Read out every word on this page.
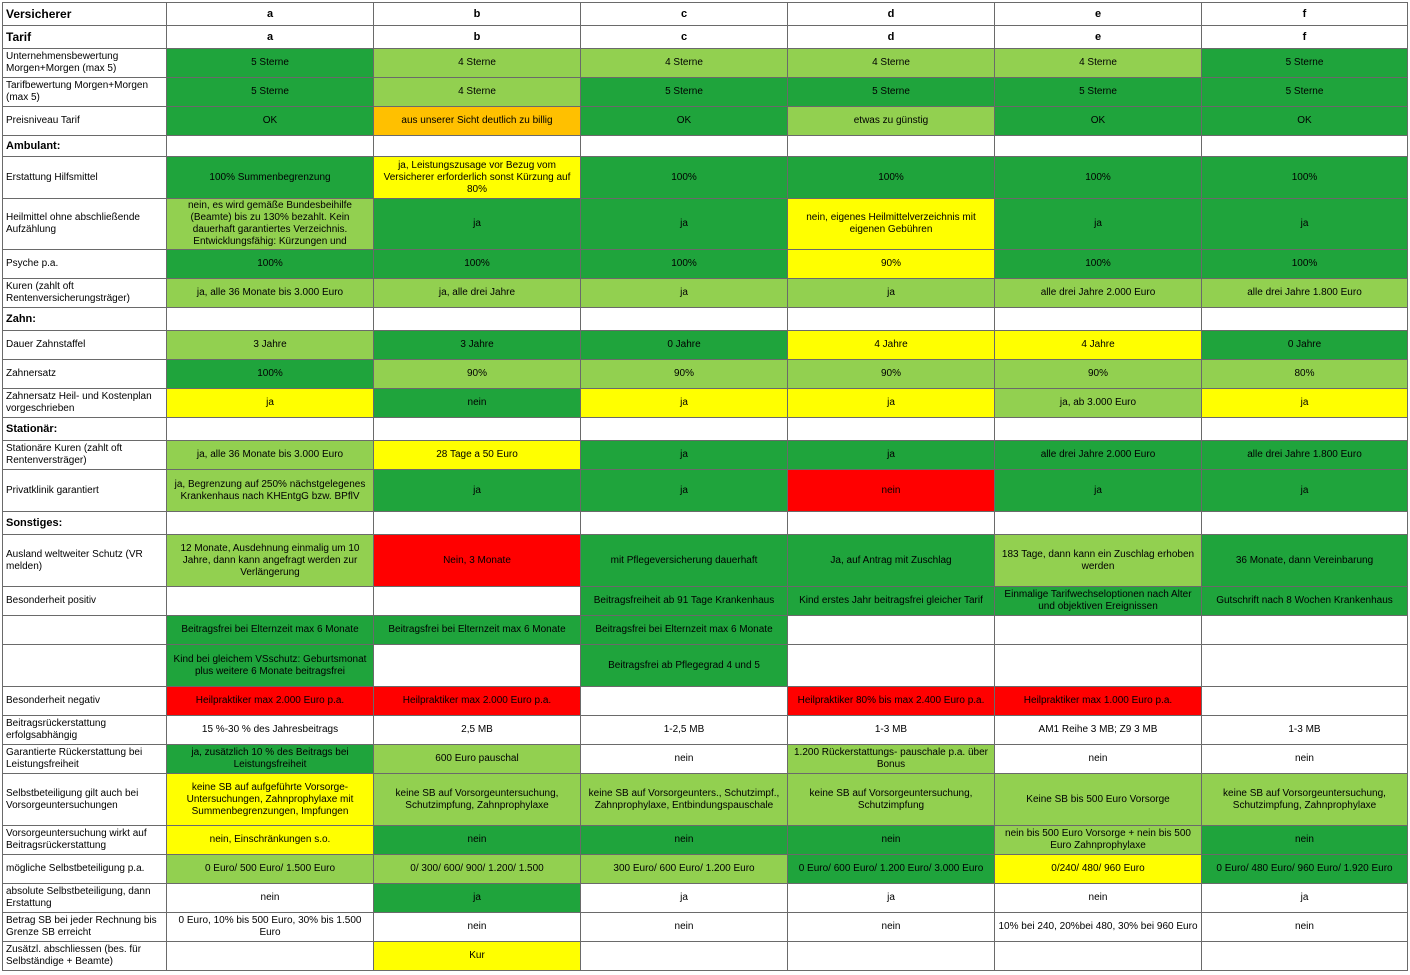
Versicherer	a	b	c	d	e	f
Tarif	a	b	c	d	e	f
Unternehmensbewertung Morgen+Morgen (max 5)	5 Sterne	4 Sterne	4 Sterne	4 Sterne	4 Sterne	5 Sterne
Tarifbewertung Morgen+Morgen (max 5)	5 Sterne	4 Sterne	5 Sterne	5 Sterne	5 Sterne	5 Sterne
Preisniveau Tarif	OK	aus unserer Sicht deutlich zu billig	OK	etwas zu günstig	OK	OK
Ambulant:						
Erstattung Hilfsmittel	100% Summenbegrenzung	ja, Leistungszusage vor Bezug vom Versicherer erforderlich sonst Kürzung auf 80%	100%	100%	100%	100%
Heilmittel ohne abschließende Aufzählung	nein, es wird gemäße Bundesbeihilfe (Beamte) bis zu 130% bezahlt. Kein dauerhaft garantiertes Verzeichnis. Entwicklungsfähig: Kürzungen und	ja	ja	nein, eigenes Heilmittelverzeichnis mit eigenen Gebühren	ja	ja
Psyche p.a.	100%	100%	100%	90%	100%	100%
Kuren (zahlt oft Rentenversicherungsträger)	ja, alle 36 Monate bis 3.000 Euro	ja, alle drei Jahre	ja	ja	alle drei Jahre 2.000 Euro	alle drei Jahre 1.800 Euro
Zahn:						
Dauer Zahnstaffel	3 Jahre	3 Jahre	0 Jahre	4 Jahre	4 Jahre	0 Jahre
Zahnersatz	100%	90%	90%	90%	90%	80%
Zahnersatz Heil- und Kostenplan vorgeschrieben	ja	nein	ja	ja	ja, ab 3.000 Euro	ja
Stationär:						
Stationäre Kuren (zahlt oft Rentenversträger)	ja, alle 36 Monate bis 3.000 Euro	28 Tage a 50 Euro	ja	ja	alle drei Jahre 2.000 Euro	alle drei Jahre 1.800 Euro
Privatklinik garantiert	ja, Begrenzung auf 250% nächstgelegenes Krankenhaus nach KHEntgG bzw. BPflV	ja	ja	nein	ja	ja
Sonstiges:						
Ausland weltweiter Schutz (VR melden)	12 Monate, Ausdehnung einmalig um 10 Jahre, dann kann angefragt werden zur Verlängerung	Nein, 3 Monate	mit Pflegeversicherung dauerhaft	Ja, auf Antrag mit Zuschlag	183 Tage, dann kann ein Zuschlag erhoben werden	36 Monate, dann Vereinbarung
Besonderheit positiv			Beitragsfreiheit ab 91 Tage Krankenhaus	Kind erstes Jahr beitragsfrei gleicher Tarif	Einmalige Tarifwechseloptionen nach Alter und objektiven Ereignissen	Gutschrift nach 8 Wochen Krankenhaus
	Beitragsfrei bei Elternzeit max 6 Monate	Beitragsfrei bei Elternzeit max 6 Monate	Beitragsfrei bei Elternzeit max 6 Monate			
	Kind bei gleichem VSschutz: Geburtsmonat plus weitere 6 Monate beitragsfrei		Beitragsfrei ab Pflegegrad 4 und 5			
Besonderheit negativ	Heilpraktiker max 2.000 Euro p.a.	Heilpraktiker max 2.000 Euro p.a.		Heilpraktiker 80% bis max 2.400 Euro p.a.	Heilpraktiker max 1.000 Euro p.a.	
Beitragsrückerstattung erfolgsabhängig	15 %-30 % des Jahresbeitrags	2,5 MB	1-2,5 MB	1-3 MB	AM1 Reihe 3 MB; Z9 3 MB	1-3 MB
Garantierte Rückerstattung bei Leistungsfreiheit	ja, zusätzlich 10 % des Beitrags bei Leistungsfreiheit	600 Euro pauschal	nein	1.200 Rückerstattungs- pauschale p.a. über Bonus	nein	nein
Selbstbeteiligung gilt auch bei Vorsorgeuntersuchungen	keine SB auf aufgeführte Vorsorge-Untersuchungen, Zahnprophylaxe mit Summenbegrenzungen, Impfungen	keine SB auf Vorsorgeuntersuchung, Schutzimpfung, Zahnprophylaxe	keine SB auf Vorsorgeunters., Schutzimpf., Zahnprophylaxe, Entbindungspauschale	keine SB auf Vorsorgeuntersuchung, Schutzimpfung	Keine SB bis 500 Euro Vorsorge	keine SB auf Vorsorgeuntersuchung, Schutzimpfung, Zahnprophylaxe
Vorsorgeuntersuchung wirkt auf Beitragsrückerstattung	nein, Einschränkungen s.o.	nein	nein	nein	nein bis 500 Euro Vorsorge + nein bis 500 Euro Zahnprophylaxe	nein
mögliche Selbstbeteiligung p.a.	0 Euro/ 500 Euro/ 1.500 Euro	0/ 300/ 600/ 900/ 1.200/ 1.500	300 Euro/ 600 Euro/ 1.200 Euro	0 Euro/ 600 Euro/ 1.200 Euro/ 3.000 Euro	0/240/ 480/ 960 Euro	0 Euro/ 480 Euro/ 960 Euro/ 1.920 Euro
absolute Selbstbeteiligung, dann Erstattung	nein	ja	ja	ja	nein	ja
Betrag SB bei jeder Rechnung bis Grenze SB erreicht	0 Euro, 10% bis 500 Euro, 30% bis 1.500 Euro	nein	nein	nein	10% bei 240, 20%bei 480, 30% bei 960 Euro	nein
Zusätzl. abschliessen (bes. für Selbständige + Beamte)		Kur				
